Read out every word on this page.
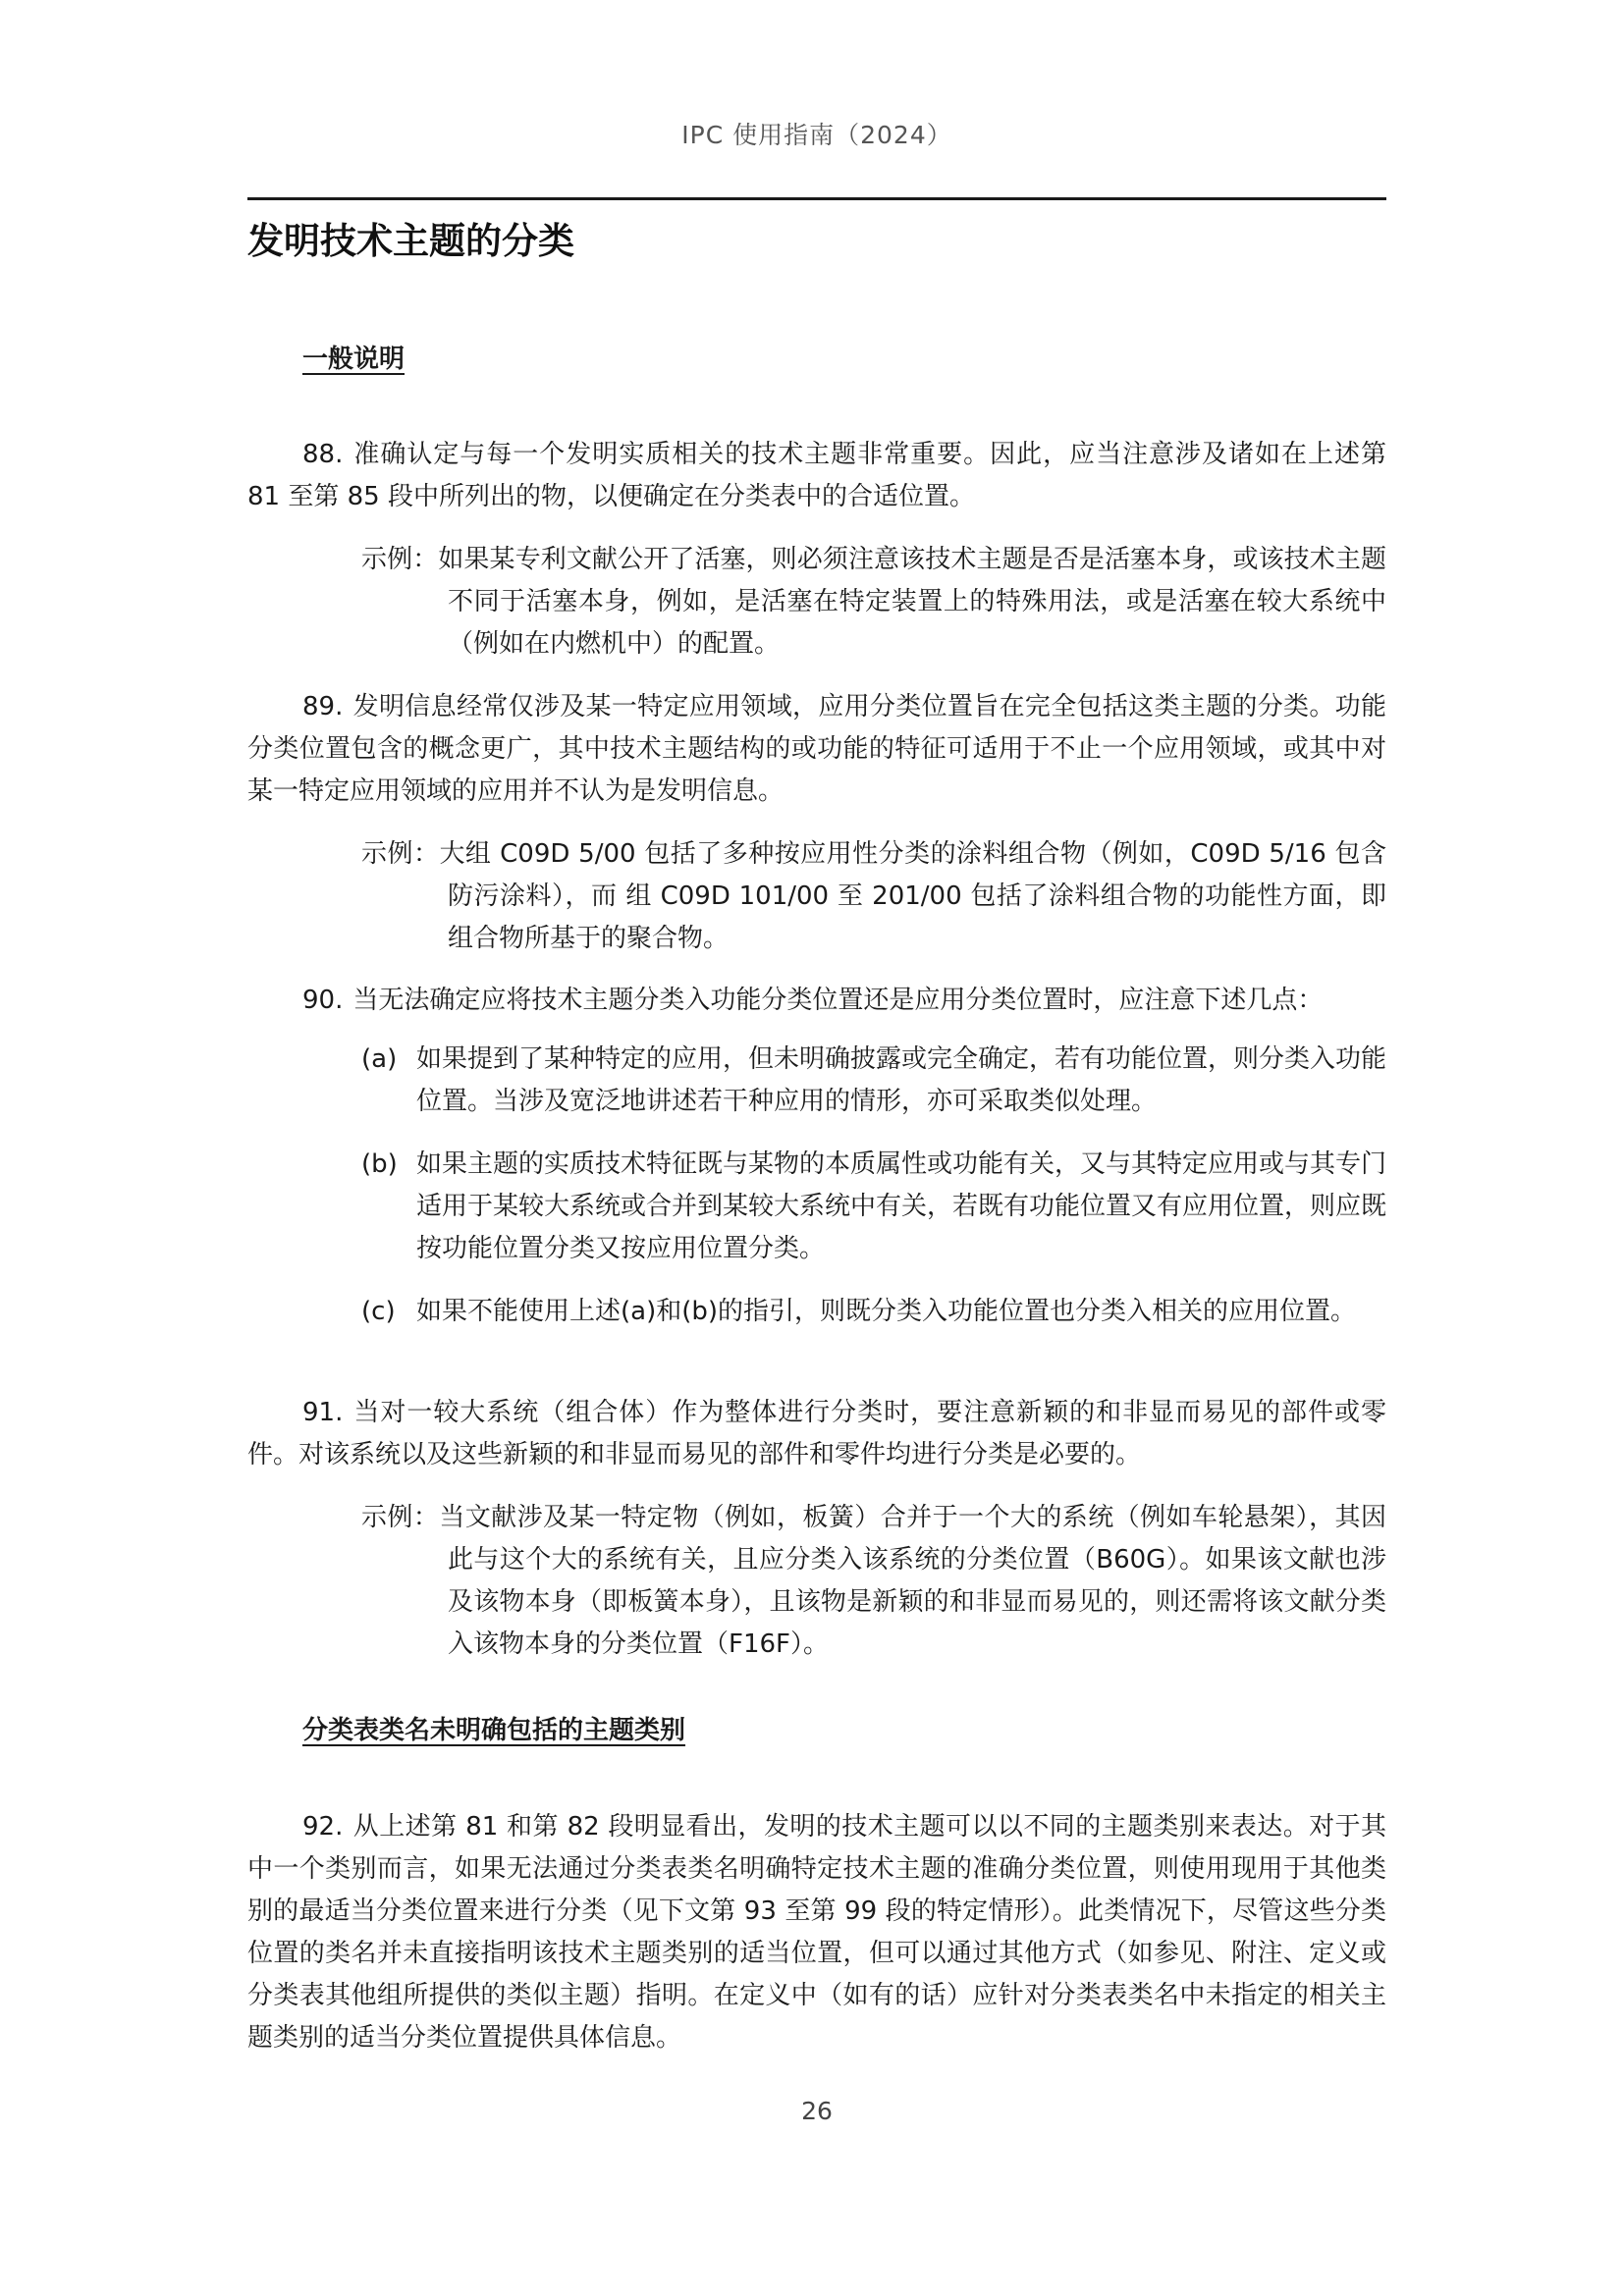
IPC 使用指南（2024）
发明技术主题的分类
一般说明

88. 准确认定与每一个发明实质相关的技术主题非常重要。因此，应当注意涉及诸如在上述第 81 至第 85 段中所列出的物，以便确定在分类表中的合适位置。

示例：如果某专利文献公开了活塞，则必须注意该技术主题是否是活塞本身，或该技术主题不同于活塞本身，例如，是活塞在特定装置上的特殊用法，或是活塞在较大系统中（例如在内燃机中）的配置。

89. 发明信息经常仅涉及某一特定应用领域，应用分类位置旨在完全包括这类主题的分类。功能分类位置包含的概念更广，其中技术主题结构的或功能的特征可适用于不止一个应用领域，或其中对某一特定应用领域的应用并不认为是发明信息。

示例：大组 C09D 5/00 包括了多种按应用性分类的涂料组合物（例如，C09D 5/16 包含防污涂料），而 组 C09D 101/00 至 201/00 包括了涂料组合物的功能性方面，即组合物所基于的聚合物。

90. 当无法确定应将技术主题分类入功能分类位置还是应用分类位置时，应注意下述几点：

(a) 如果提到了某种特定的应用，但未明确披露或完全确定，若有功能位置，则分类入功能位置。当涉及宽泛地讲述若干种应用的情形，亦可采取类似处理。

(b) 如果主题的实质技术特征既与某物的本质属性或功能有关，又与其特定应用或与其专门适用于某较大系统或合并到某较大系统中有关，若既有功能位置又有应用位置，则应既按功能位置分类又按应用位置分类。

(c) 如果不能使用上述(a)和(b)的指引，则既分类入功能位置也分类入相关的应用位置。

91. 当对一较大系统（组合体）作为整体进行分类时，要注意新颖的和非显而易见的部件或零件。对该系统以及这些新颖的和非显而易见的部件和零件均进行分类是必要的。

示例：当文献涉及某一特定物（例如，板簧）合并于一个大的系统（例如车轮悬架），其因此与这个大的系统有关，且应分类入该系统的分类位置（B60G）。如果该文献也涉及该物本身（即板簧本身），且该物是新颖的和非显而易见的，则还需将该文献分类入该物本身的分类位置（F16F）。

分类表类名未明确包括的主题类别

92. 从上述第 81 和第 82 段明显看出，发明的技术主题可以以不同的主题类别来表达。对于其中一个类别而言，如果无法通过分类表类名明确特定技术主题的准确分类位置，则使用现用于其他类别的最适当分类位置来进行分类（见下文第 93 至第 99 段的特定情形）。此类情况下，尽管这些分类位置的类名并未直接指明该技术主题类别的适当位置，但可以通过其他方式（如参见、附注、定义或分类表其他组所提供的类似主题）指明。在定义中（如有的话）应针对分类表类名中未指定的相关主题类别的适当分类位置提供具体信息。

26
